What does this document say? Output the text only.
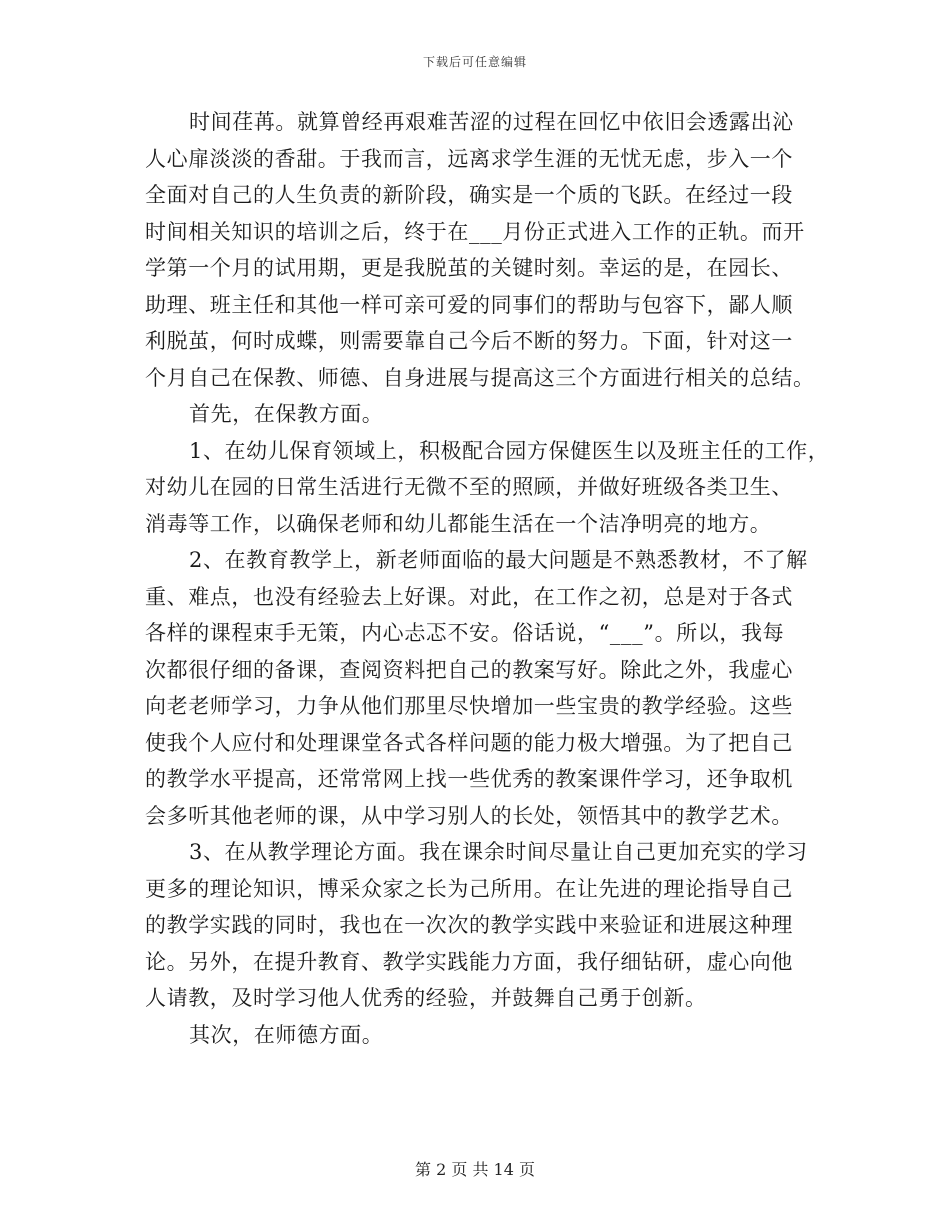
下载后可任意编辑
时间荏苒。就算曾经再艰难苦涩的过程在回忆中依旧会透露出沁
人心扉淡淡的香甜。于我而言，远离求学生涯的无忧无虑，步入一个
全面对自己的人生负责的新阶段，确实是一个质的飞跃。在经过一段
时间相关知识的培训之后，终于在___月份正式进入工作的正轨。而开
学第一个月的试用期，更是我脱茧的关键时刻。幸运的是，在园长、
助理、班主任和其他一样可亲可爱的同事们的帮助与包容下，鄙人顺
利脱茧，何时成蝶，则需要靠自己今后不断的努力。下面，针对这一
个月自己在保教、师德、自身进展与提高这三个方面进行相关的总结。
首先，在保教方面。
1、在幼儿保育领域上，积极配合园方保健医生以及班主任的工作，
对幼儿在园的日常生活进行无微不至的照顾，并做好班级各类卫生、
消毒等工作，以确保老师和幼儿都能生活在一个洁净明亮的地方。
2、在教育教学上，新老师面临的最大问题是不熟悉教材，不了解
重、难点，也没有经验去上好课。对此，在工作之初，总是对于各式
各样的课程束手无策，内心忐忑不安。俗话说，“___”。所以，我每
次都很仔细的备课，查阅资料把自己的教案写好。除此之外，我虚心
向老老师学习，力争从他们那里尽快增加一些宝贵的教学经验。这些
使我个人应付和处理课堂各式各样问题的能力极大增强。为了把自己
的教学水平提高，还常常网上找一些优秀的教案课件学习，还争取机
会多听其他老师的课，从中学习别人的长处，领悟其中的教学艺术。
3、在从教学理论方面。我在课余时间尽量让自己更加充实的学习
更多的理论知识，博采众家之长为己所用。在让先进的理论指导自己
的教学实践的同时，我也在一次次的教学实践中来验证和进展这种理
论。另外，在提升教育、教学实践能力方面，我仔细钻研，虚心向他
人请教，及时学习他人优秀的经验，并鼓舞自己勇于创新。
其次，在师德方面。
第 2 页 共 14 页
